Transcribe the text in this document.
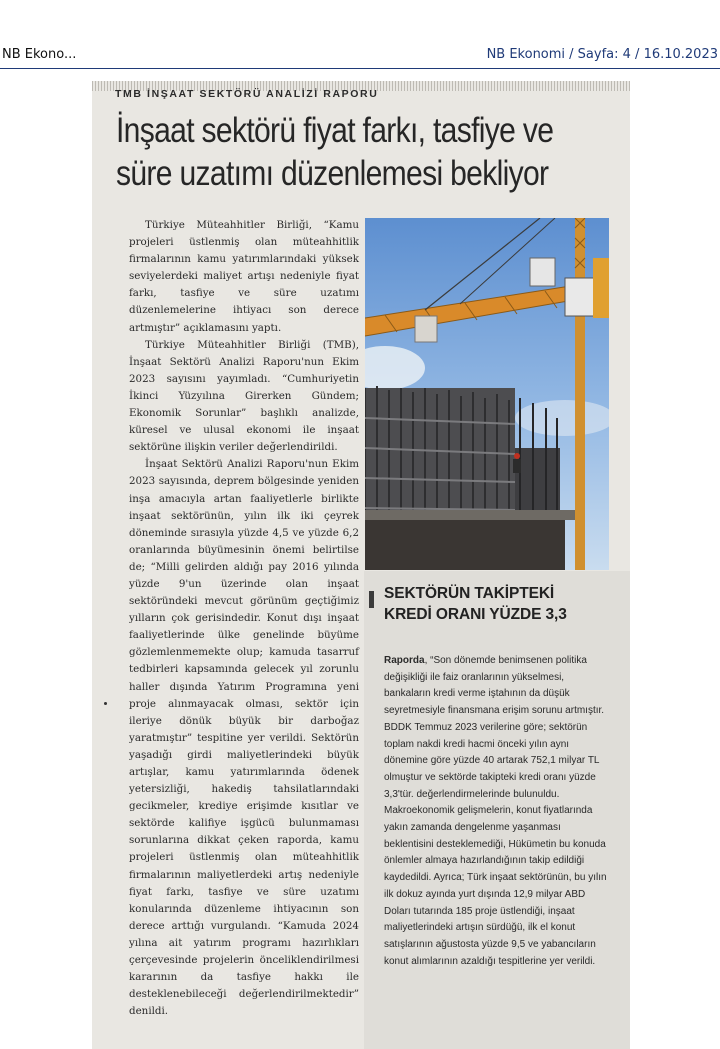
NB Ekono...	NB Ekonomi / Sayfa: 4 / 16.10.2023
TMB İNŞAAT SEKTÖRÜ ANALİZİ RAPORU
İnşaat sektörü fiyat farkı, tasfiye ve
süre uzatımı düzenlemesi bekliyor

Türkiye Müteahhitler Birliği, “Kamu projeleri üstlenmiş olan müteahhitlik firmalarının kamu yatırımlarındaki yüksek seviyelerdeki maliyet artışı nedeniyle fiyat farkı, tasfiye ve süre uzatımı düzenlemelerine ihtiyacı son derece artmıştır” açıklamasını yaptı.

Türkiye Müteahhitler Birliği (TMB), İnşaat Sektörü Analizi Raporu'nun Ekim 2023 sayısını yayımladı. “Cumhuriyetin İkinci Yüzyılına Girerken Gündem; Ekonomik Sorunlar” başlıklı analizde, küresel ve ulusal ekonomi ile inşaat sektörüne ilişkin veriler değerlendirildi.

İnşaat Sektörü Analizi Raporu'nun Ekim 2023 sayısında, deprem bölgesinde yeniden inşa amacıyla artan faaliyetlerle birlikte inşaat sektörünün, yılın ilk iki çeyrek döneminde sırasıyla yüzde 4,5 ve yüzde 6,2 oranlarında büyümesinin önemi belirtilse de; “Milli gelirden aldığı pay 2016 yılında yüzde 9'un üzerinde olan inşaat sektöründeki mevcut görünüm geçtiğimiz yılların çok gerisindedir. Konut dışı inşaat faaliyetlerinde ülke genelinde büyüme gözlemlenmemekte olup; kamuda tasarruf tedbirleri kapsamında gelecek yıl zorunlu haller dışında Yatırım Programına yeni proje alınmayacak olması, sektör için ileriye dönük büyük bir darboğaz yaratmıştır” tespitine yer verildi. Sektörün yaşadığı girdi maliyetlerindeki büyük artışlar, kamu yatırımlarında ödenek yetersizliği, hakediş tahsilatlarındaki gecikmeler, krediye erişimde kısıtlar ve sektörde kalifiye işgücü bulunmaması sorunlarına dikkat çeken raporda, kamu projeleri üstlenmiş olan müteahhitlik firmalarının maliyetlerdeki artış nedeniyle fiyat farkı, tasfiye ve süre uzatımı konularında düzenleme ihtiyacının son derece arttığı vurgulandı. “Kamuda 2024 yılına ait yatırım programı hazırlıkları çerçevesinde projelerin önceliklendirilmesi kararının da tasfiye hakkı ile desteklenebileceği değerlendirilmektedir” denildi.

SEKTÖRÜN TAKİPTEKİ
KREDİ ORANI YÜZDE 3,3
Raporda, “Son dönemde benimsenen politika değişikliği ile faiz oranlarının yükselmesi, bankaların kredi verme iştahının da düşük seyretmesiyle finansmana erişim sorunu artmıştır. BDDK Temmuz 2023 verilerine göre; sektörün toplam nakdi kredi hacmi önceki yılın aynı dönemine göre yüzde 40 artarak 752,1 milyar TL olmuştur ve sektörde takipteki kredi oranı yüzde 3,3'tür. değerlendirmelerinde bulunuldu. Makroekonomik gelişmelerin, konut fiyatlarında yakın zamanda dengelenme yaşanması beklentisini desteklemediği, Hükümetin bu konuda önlemler almaya hazırlandığının takip edildiği kaydedildi. Ayrıca; Türk inşaat sektörünün, bu yılın ilk dokuz ayında yurt dışında 12,9 milyar ABD Doları tutarında 185 proje üstlendiği, inşaat maliyetlerindeki artışın sürdüğü, ilk el konut satışlarının ağustosta yüzde 9,5 ve yabancıların konut alımlarının azaldığı tespitlerine yer verildi.
